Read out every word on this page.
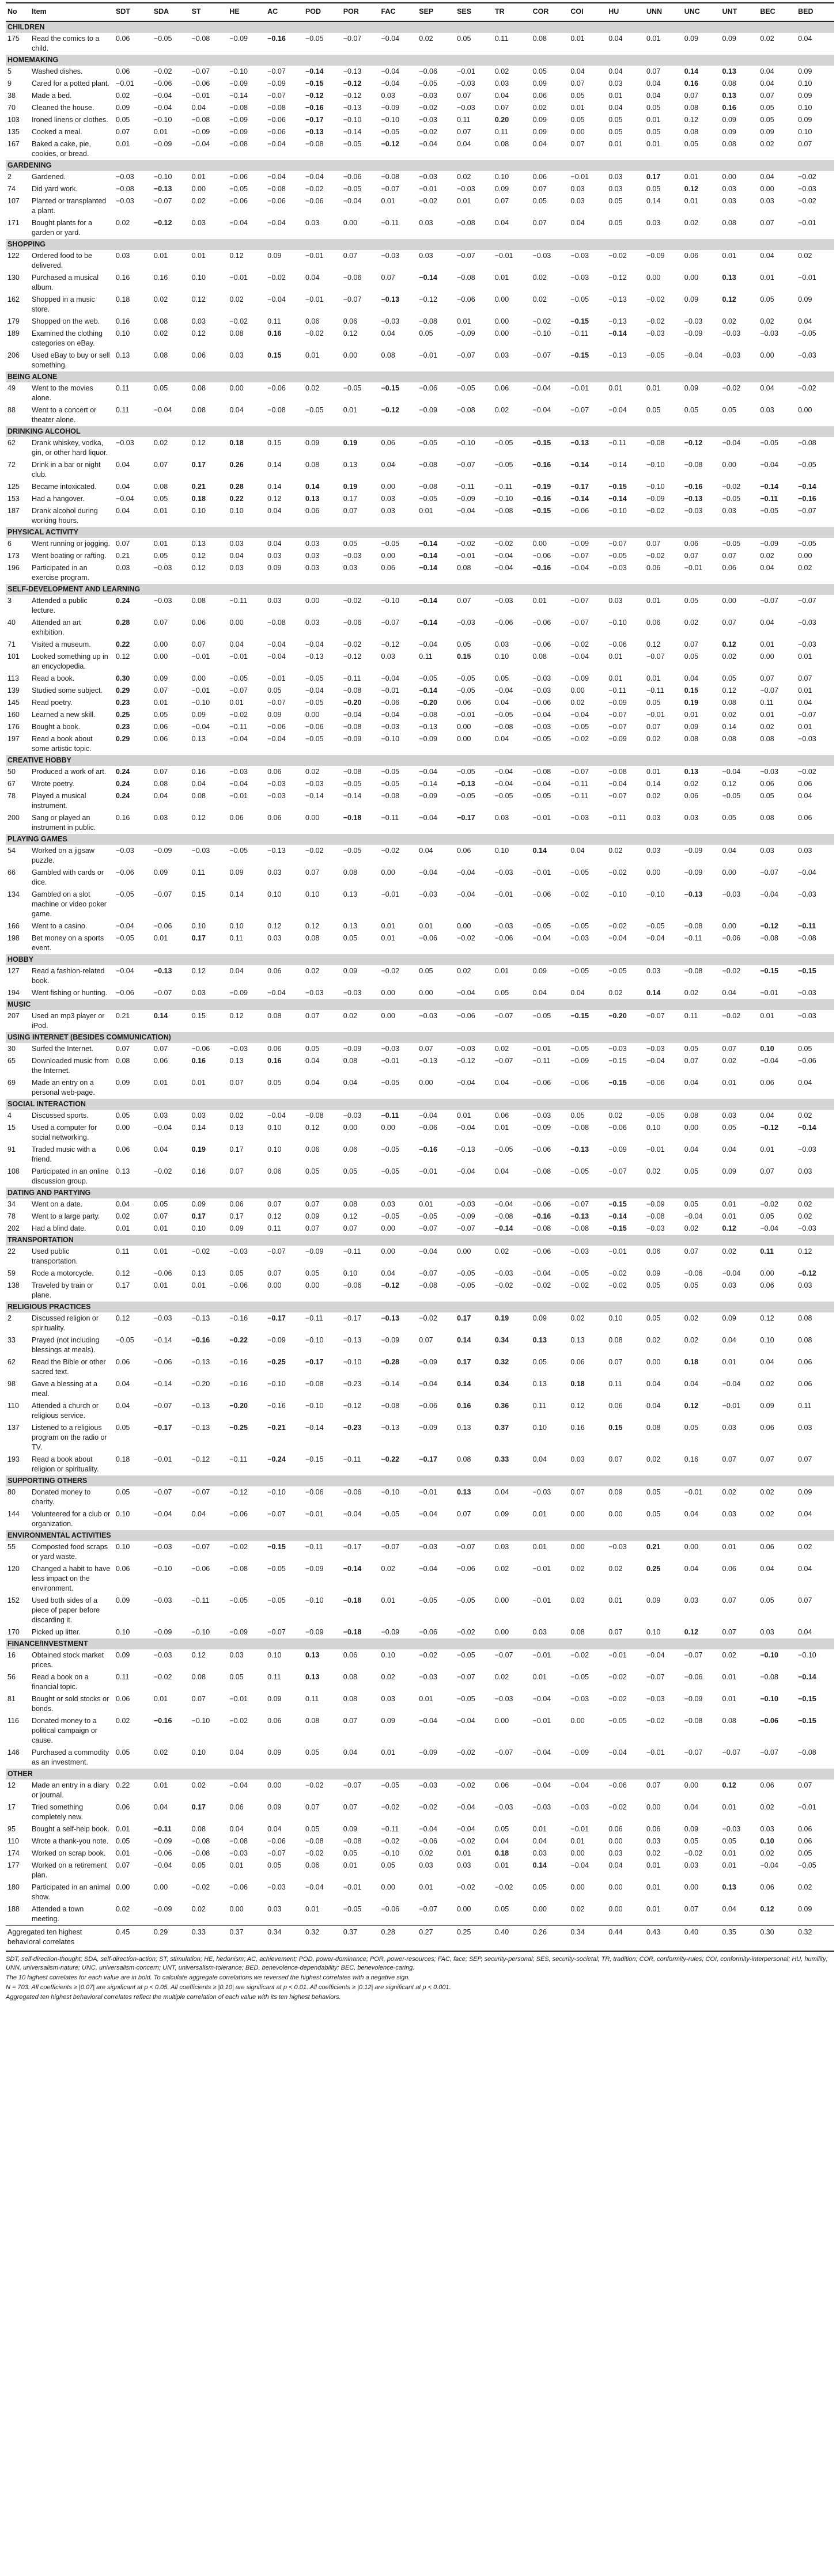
No	Item	SDT	SDA	ST	HE	AC	POD	POR	FAC	SEP	SES	TR	COR	COI	HU	UNN	UNC	UNT	BEC	BED
CHILDREN																				
175	Read the comics to a child.	0.06	−0.05	−0.08	−0.09	−0.16	−0.05	−0.07	−0.04	0.02	0.05	0.11	0.08	0.01	0.04	0.01	0.09	0.09	0.02	0.04
HOMEMAKING																				
5	Washed dishes.	0.06	−0.02	−0.07	−0.10	−0.07	−0.14	−0.13	−0.04	−0.06	−0.01	0.02	0.05	0.04	0.04	0.07	0.14	0.13	0.04	0.09
9	Cared for a potted plant.	−0.01	−0.06	−0.06	−0.09	−0.09	−0.15	−0.12	−0.04	−0.05	−0.03	0.03	0.09	0.07	0.03	0.04	0.16	0.08	0.04	0.10
38	Made a bed.	0.02	−0.04	−0.01	−0.14	−0.07	−0.12	−0.12	0.03	−0.03	0.07	0.04	0.06	0.05	0.01	0.04	0.07	0.13	0.07	0.09
70	Cleaned the house.	0.09	−0.04	0.04	−0.08	−0.08	−0.16	−0.13	−0.09	−0.02	−0.03	0.07	0.02	0.01	0.04	0.05	0.08	0.16	0.05	0.10
103	Ironed linens or clothes.	0.05	−0.10	−0.08	−0.09	−0.06	−0.17	−0.10	−0.10	−0.03	0.11	0.20	0.09	0.05	0.05	0.01	0.12	0.09	0.05	0.09
135	Cooked a meal.	0.07	0.01	−0.09	−0.09	−0.06	−0.13	−0.14	−0.05	−0.02	0.07	0.11	0.09	0.00	0.05	0.05	0.08	0.09	0.09	0.10
167	Baked a cake, pie, cookies, or bread.	0.01	−0.09	−0.04	−0.08	−0.04	−0.08	−0.05	−0.12	−0.04	0.04	0.08	0.04	0.07	0.01	0.01	0.05	0.08	0.02	0.07
GARDENING																				
2	Gardened.	−0.03	−0.10	0.01	−0.06	−0.04	−0.04	−0.06	−0.08	−0.03	0.02	0.10	0.06	−0.01	0.03	0.17	0.01	0.00	0.04	−0.02
74	Did yard work.	−0.08	−0.13	0.00	−0.05	−0.08	−0.02	−0.05	−0.07	−0.01	−0.03	0.09	0.07	0.03	0.03	0.05	0.12	0.03	0.00	−0.03
107	Planted or transplanted a plant.	−0.03	−0.07	0.02	−0.06	−0.06	−0.06	−0.04	0.01	−0.02	0.01	0.07	0.05	0.03	0.05	0.14	0.01	0.03	0.03	−0.02
171	Bought plants for a garden or yard.	0.02	−0.12	0.03	−0.04	−0.04	0.03	0.00	−0.11	0.03	−0.08	0.04	0.07	0.04	0.05	0.03	0.02	0.08	0.07	−0.01
SHOPPING																				
122	Ordered food to be delivered.	0.03	0.01	0.01	0.12	0.09	−0.01	0.07	−0.03	0.03	−0.07	−0.01	−0.03	−0.03	−0.02	−0.09	0.06	0.01	0.04	0.02
130	Purchased a musical album.	0.16	0.16	0.10	−0.01	−0.02	0.04	−0.06	0.07	−0.14	−0.08	0.01	0.02	−0.03	−0.12	0.00	0.00	0.13	0.01	−0.01
162	Shopped in a music store.	0.18	0.02	0.12	0.02	−0.04	−0.01	−0.07	−0.13	−0.12	−0.06	0.00	0.02	−0.05	−0.13	−0.02	0.09	0.12	0.05	0.09
179	Shopped on the web.	0.16	0.08	0.03	−0.02	0.11	0.06	0.06	−0.03	−0.08	0.01	0.00	−0.02	−0.15	−0.13	−0.02	−0.03	0.02	0.02	0.04
189	Examined the clothing categories on eBay.	0.10	0.02	0.12	0.08	0.16	−0.02	0.12	0.04	0.05	−0.09	0.00	−0.10	−0.11	−0.14	−0.03	−0.09	−0.03	−0.03	−0.05
206	Used eBay to buy or sell something.	0.13	0.08	0.06	0.03	0.15	0.01	0.00	0.08	−0.01	−0.07	0.03	−0.07	−0.15	−0.13	−0.05	−0.04	−0.03	0.00	−0.03
BEING ALONE																				
49	Went to the movies alone.	0.11	0.05	0.08	0.00	−0.06	0.02	−0.05	−0.15	−0.06	−0.05	0.06	−0.04	−0.01	0.01	0.01	0.09	−0.02	0.04	−0.02
88	Went to a concert or theater alone.	0.11	−0.04	0.08	0.04	−0.08	−0.05	0.01	−0.12	−0.09	−0.08	0.02	−0.04	−0.07	−0.04	0.05	0.05	0.05	0.03	0.00
DRINKING ALCOHOL																				
62	Drank whiskey, vodka, gin, or other hard liquor.	−0.03	0.02	0.12	0.18	0.15	0.09	0.19	0.06	−0.05	−0.10	−0.05	−0.15	−0.13	−0.11	−0.08	−0.12	−0.04	−0.05	−0.08
72	Drink in a bar or night club.	0.04	0.07	0.17	0.26	0.14	0.08	0.13	0.04	−0.08	−0.07	−0.05	−0.16	−0.14	−0.14	−0.10	−0.08	0.00	−0.04	−0.05
125	Became intoxicated.	0.04	0.08	0.21	0.28	0.14	0.14	0.19	0.00	−0.08	−0.11	−0.11	−0.19	−0.17	−0.15	−0.10	−0.16	−0.02	−0.14	−0.14
153	Had a hangover.	−0.04	0.05	0.18	0.22	0.12	0.13	0.17	0.03	−0.05	−0.09	−0.10	−0.16	−0.14	−0.14	−0.09	−0.13	−0.05	−0.11	−0.16
187	Drank alcohol during working hours.	0.04	0.01	0.10	0.10	0.04	0.06	0.07	0.03	0.01	−0.04	−0.08	−0.15	−0.06	−0.10	−0.02	−0.03	0.03	−0.05	−0.07
PHYSICAL ACTIVITY																				
6	Went running or jogging.	0.07	0.01	0.13	0.03	0.04	0.03	0.05	−0.05	−0.14	−0.02	−0.02	0.00	−0.09	−0.07	0.07	0.06	−0.05	−0.09	−0.05
173	Went boating or rafting.	0.21	0.05	0.12	0.04	0.03	0.03	−0.03	0.00	−0.14	−0.01	−0.04	−0.06	−0.07	−0.05	−0.02	0.07	0.07	0.02	0.00
196	Participated in an exercise program.	0.03	−0.03	0.12	0.03	0.09	0.03	0.03	0.06	−0.14	0.08	−0.04	−0.16	−0.04	−0.03	0.06	−0.01	0.06	0.04	0.02
SELF-DEVELOPMENT AND LEARNING																				
3	Attended a public lecture.	0.24	−0.03	0.08	−0.11	0.03	0.00	−0.02	−0.10	−0.14	0.07	−0.03	0.01	−0.07	0.03	0.01	0.05	0.00	−0.07	−0.07
40	Attended an art exhibition.	0.28	0.07	0.06	0.00	−0.08	0.03	−0.06	−0.07	−0.14	−0.03	−0.06	−0.06	−0.07	−0.10	0.06	0.02	0.07	0.04	−0.03
71	Visited a museum.	0.22	0.00	0.07	0.04	−0.04	−0.04	−0.02	−0.12	−0.04	0.05	0.03	−0.06	−0.02	−0.06	0.12	0.07	0.12	0.01	−0.03
101	Looked something up in an encyclopedia.	0.12	0.00	−0.01	−0.01	−0.04	−0.13	−0.12	0.03	0.11	0.15	0.10	0.08	−0.04	0.01	−0.07	0.05	0.02	0.00	0.01
113	Read a book.	0.30	0.09	0.00	−0.05	−0.01	−0.05	−0.11	−0.04	−0.05	−0.05	0.05	−0.03	−0.09	0.01	0.01	0.04	0.05	0.07	0.07
139	Studied some subject.	0.29	0.07	−0.01	−0.07	0.05	−0.04	−0.08	−0.01	−0.14	−0.05	−0.04	−0.03	0.00	−0.11	−0.11	0.15	0.12	−0.07	0.01
145	Read poetry.	0.23	0.01	−0.10	0.01	−0.07	−0.05	−0.20	−0.06	−0.20	0.06	0.04	−0.06	0.02	−0.09	0.05	0.19	0.08	0.11	0.04
160	Learned a new skill.	0.25	0.05	0.09	−0.02	0.09	0.00	−0.04	−0.04	−0.08	−0.01	−0.05	−0.04	−0.04	−0.07	−0.01	0.01	0.02	0.01	−0.07
176	Bought a book.	0.23	0.06	−0.04	−0.11	−0.06	−0.06	−0.08	−0.03	−0.13	0.00	−0.08	−0.03	−0.05	−0.07	0.07	0.09	0.14	0.02	0.01
197	Read a book about some artistic topic.	0.29	0.06	0.13	−0.04	−0.04	−0.05	−0.09	−0.10	−0.09	0.00	0.04	−0.05	−0.02	−0.09	0.02	0.08	0.08	0.08	−0.03
CREATIVE HOBBY																				
50	Produced a work of art.	0.24	0.07	0.16	−0.03	0.06	0.02	−0.08	−0.05	−0.04	−0.05	−0.04	−0.08	−0.07	−0.08	0.01	0.13	−0.04	−0.03	−0.02
67	Wrote poetry.	0.24	0.08	0.04	−0.04	−0.03	−0.03	−0.05	−0.05	−0.14	−0.13	−0.04	−0.04	−0.11	−0.04	0.14	0.02	0.12	0.06	0.06
78	Played a musical instrument.	0.24	0.04	0.08	−0.01	−0.03	−0.14	−0.14	−0.08	−0.09	−0.05	−0.05	−0.05	−0.11	−0.07	0.02	0.06	−0.05	0.05	0.04
200	Sang or played an instrument in public.	0.16	0.03	0.12	0.06	0.06	0.00	−0.18	−0.11	−0.04	−0.17	0.03	−0.01	−0.03	−0.11	0.03	0.03	0.05	0.08	0.06
PLAYING GAMES																				
54	Worked on a jigsaw puzzle.	−0.03	−0.09	−0.03	−0.05	−0.13	−0.02	−0.05	−0.02	0.04	0.06	0.10	0.14	0.04	0.02	0.03	−0.09	0.04	0.03	0.03
66	Gambled with cards or dice.	−0.06	0.09	0.11	0.09	0.03	0.07	0.08	0.00	−0.04	−0.04	−0.03	−0.01	−0.05	−0.02	0.00	−0.09	0.00	−0.07	−0.04
134	Gambled on a slot machine or video poker game.	−0.05	−0.07	0.15	0.14	0.10	0.10	0.13	−0.01	−0.03	−0.04	−0.01	−0.06	−0.02	−0.10	−0.10	−0.13	−0.03	−0.04	−0.03
166	Went to a casino.	−0.04	−0.06	0.10	0.10	0.12	0.12	0.13	0.01	0.01	0.00	−0.03	−0.05	−0.05	−0.02	−0.05	−0.08	0.00	−0.12	−0.11
198	Bet money on a sports event.	−0.05	0.01	0.17	0.11	0.03	0.08	0.05	0.01	−0.06	−0.02	−0.06	−0.04	−0.03	−0.04	−0.04	−0.11	−0.06	−0.08	−0.08
HOBBY																				
127	Read a fashion-related book.	−0.04	−0.13	0.12	0.04	0.06	0.02	0.09	−0.02	0.05	0.02	0.01	0.09	−0.05	−0.05	0.03	−0.08	−0.02	−0.15	−0.15
194	Went fishing or hunting.	−0.06	−0.07	0.03	−0.09	−0.04	−0.03	−0.03	0.00	0.00	−0.04	0.05	0.04	0.04	0.02	0.14	0.02	0.04	−0.01	−0.03
MUSIC																				
207	Used an mp3 player or iPod.	0.21	0.14	0.15	0.12	0.08	0.07	0.02	0.00	−0.03	−0.06	−0.07	−0.05	−0.15	−0.20	−0.07	0.11	−0.02	0.01	−0.03
USING INTERNET (BESIDES COMMUNICATION)																				
30	Surfed the Internet.	0.07	0.07	−0.06	−0.03	0.06	0.05	−0.09	−0.03	0.07	−0.03	0.02	−0.01	−0.05	−0.03	−0.03	0.05	0.07	0.10	0.05
65	Downloaded music from the Internet.	0.08	0.06	0.16	0.13	0.16	0.04	0.08	−0.01	−0.13	−0.12	−0.07	−0.11	−0.09	−0.15	−0.04	0.07	0.02	−0.04	−0.06
69	Made an entry on a personal web-page.	0.09	0.01	0.01	0.07	0.05	0.04	0.04	−0.05	0.00	−0.04	0.04	−0.06	−0.06	−0.15	−0.06	0.04	0.01	0.06	0.04
SOCIAL INTERACTION																				
4	Discussed sports.	0.05	0.03	0.03	0.02	−0.04	−0.08	−0.03	−0.11	−0.04	0.01	0.06	−0.03	0.05	0.02	−0.05	0.08	0.03	0.04	0.02
15	Used a computer for social networking.	0.00	−0.04	0.14	0.13	0.10	0.12	0.00	0.00	−0.06	−0.04	0.01	−0.09	−0.08	−0.06	0.10	0.00	0.05	−0.12	−0.14
91	Traded music with a friend.	0.06	0.04	0.19	0.17	0.10	0.06	0.06	−0.05	−0.16	−0.13	−0.05	−0.06	−0.13	−0.09	−0.01	0.04	0.04	0.01	−0.03
108	Participated in an online discussion group.	0.13	−0.02	0.16	0.07	0.06	0.05	0.05	−0.05	−0.01	−0.04	0.04	−0.08	−0.05	−0.07	0.02	0.05	0.09	0.07	0.03
DATING AND PARTYING																				
34	Went on a date.	0.04	0.05	0.09	0.06	0.07	0.07	0.08	0.03	0.01	−0.03	−0.04	−0.06	−0.07	−0.15	−0.09	0.05	0.01	−0.02	0.02
78	Went to a large party.	0.02	0.07	0.17	0.17	0.12	0.09	0.12	−0.05	−0.05	−0.09	−0.08	−0.16	−0.13	−0.14	−0.08	−0.04	0.01	0.05	0.02
202	Had a blind date.	0.01	0.01	0.10	0.09	0.11	0.07	0.07	0.00	−0.07	−0.07	−0.14	−0.08	−0.08	−0.15	−0.03	0.02	0.12	−0.04	−0.03
TRANSPORTATION																				
22	Used public transportation.	0.11	0.01	−0.02	−0.03	−0.07	−0.09	−0.11	0.00	−0.04	0.00	0.02	−0.06	−0.03	−0.01	0.06	0.07	0.02	0.11	0.12
59	Rode a motorcycle.	0.12	−0.06	0.13	0.05	0.07	0.05	0.10	0.04	−0.07	−0.05	−0.03	−0.04	−0.05	−0.02	0.09	−0.06	−0.04	0.00	−0.12
138	Traveled by train or plane.	0.17	0.01	0.01	−0.06	0.00	0.00	−0.06	−0.12	−0.08	−0.05	−0.02	−0.02	−0.02	−0.02	0.05	0.05	0.03	0.06	0.03
RELIGIOUS PRACTICES																				
2	Discussed religion or spirituality.	0.12	−0.03	−0.13	−0.16	−0.17	−0.11	−0.17	−0.13	−0.02	0.17	0.19	0.09	0.02	0.10	0.05	0.02	0.09	0.12	0.08
33	Prayed (not including blessings at meals).	−0.05	−0.14	−0.16	−0.22	−0.09	−0.10	−0.13	−0.09	0.07	0.14	0.34	0.13	0.13	0.08	0.02	0.02	0.04	0.10	0.08
62	Read the Bible or other sacred text.	0.06	−0.06	−0.13	−0.16	−0.25	−0.17	−0.10	−0.28	−0.09	0.17	0.32	0.05	0.06	0.07	0.00	0.18	0.01	0.04	0.06
98	Gave a blessing at a meal.	0.04	−0.14	−0.20	−0.16	−0.10	−0.08	−0.23	−0.14	−0.04	0.14	0.34	0.13	0.18	0.11	0.04	0.04	−0.04	0.02	0.06
110	Attended a church or religious service.	0.04	−0.07	−0.13	−0.20	−0.16	−0.10	−0.12	−0.08	−0.06	0.16	0.36	0.11	0.12	0.06	0.04	0.12	−0.01	0.09	0.11
137	Listened to a religious program on the radio or TV.	0.05	−0.17	−0.13	−0.25	−0.21	−0.14	−0.23	−0.13	−0.09	0.13	0.37	0.10	0.16	0.15	0.08	0.05	0.03	0.06	0.03
193	Read a book about religion or spirituality.	0.18	−0.01	−0.12	−0.11	−0.24	−0.15	−0.11	−0.22	−0.17	0.08	0.33	0.04	0.03	0.07	0.02	0.16	0.07	0.07	0.07
SUPPORTING OTHERS																				
80	Donated money to charity.	0.05	−0.07	−0.07	−0.12	−0.10	−0.06	−0.06	−0.10	−0.01	0.13	0.04	−0.03	0.07	0.09	0.05	−0.01	0.02	0.02	0.09
144	Volunteered for a club or organization.	0.10	−0.04	0.04	−0.06	−0.07	−0.01	−0.04	−0.05	−0.04	0.07	0.09	0.01	0.00	0.00	0.05	0.04	0.03	0.02	0.04
ENVIRONMENTAL ACTIVITIES																				
55	Composted food scraps or yard waste.	0.10	−0.03	−0.07	−0.02	−0.15	−0.11	−0.17	−0.07	−0.03	−0.07	0.03	0.01	0.00	−0.03	0.21	0.00	0.01	0.06	0.02
120	Changed a habit to have less impact on the environment.	0.06	−0.10	−0.06	−0.08	−0.05	−0.09	−0.14	0.02	−0.04	−0.06	0.02	−0.01	0.02	0.02	0.25	0.04	0.06	0.04	0.04
152	Used both sides of a piece of paper before discarding it.	0.09	−0.03	−0.11	−0.05	−0.05	−0.10	−0.18	0.01	−0.05	−0.05	0.00	−0.01	0.03	0.01	0.09	0.03	0.07	0.05	0.07
170	Picked up litter.	0.10	−0.09	−0.10	−0.09	−0.07	−0.09	−0.18	−0.09	−0.06	−0.02	0.00	0.03	0.08	0.07	0.10	0.12	0.07	0.03	0.04
FINANCE/INVESTMENT																				
16	Obtained stock market prices.	0.09	−0.03	0.12	0.03	0.10	0.13	0.06	0.10	−0.02	−0.05	−0.07	−0.01	−0.02	−0.01	−0.04	−0.07	0.02	−0.10	−0.10
56	Read a book on a financial topic.	0.11	−0.02	0.08	0.05	0.11	0.13	0.08	0.02	−0.03	−0.07	0.02	0.01	−0.05	−0.02	−0.07	−0.06	0.01	−0.08	−0.14
81	Bought or sold stocks or bonds.	0.06	0.01	0.07	−0.01	0.09	0.11	0.08	0.03	0.01	−0.05	−0.03	−0.04	−0.03	−0.02	−0.03	−0.09	0.01	−0.10	−0.15
116	Donated money to a political campaign or cause.	0.02	−0.16	−0.10	−0.02	0.06	0.08	0.07	0.09	−0.04	−0.04	0.00	−0.01	0.00	−0.05	−0.02	−0.08	0.08	−0.06	−0.15
146	Purchased a commodity as an investment.	0.05	0.02	0.10	0.04	0.09	0.05	0.04	0.01	−0.09	−0.02	−0.07	−0.04	−0.09	−0.04	−0.01	−0.07	−0.07	−0.07	−0.08
OTHER																				
12	Made an entry in a diary or journal.	0.22	0.01	0.02	−0.04	0.00	−0.02	−0.07	−0.05	−0.03	−0.02	0.06	−0.04	−0.04	−0.06	0.07	0.00	0.12	0.06	0.07
17	Tried something completely new.	0.06	0.04	0.17	0.06	0.09	0.07	0.07	−0.02	−0.02	−0.04	−0.03	−0.03	−0.03	−0.02	0.00	0.04	0.01	0.02	−0.01
95	Bought a self-help book.	0.01	−0.11	0.08	0.04	0.04	0.05	0.09	−0.11	−0.04	−0.04	0.05	0.01	−0.01	0.06	0.06	0.09	−0.03	0.03	0.06
110	Wrote a thank-you note.	0.05	−0.09	−0.08	−0.08	−0.06	−0.08	−0.08	−0.02	−0.06	−0.02	0.04	0.04	0.01	0.00	0.03	0.05	0.05	0.10	0.06
174	Worked on scrap book.	0.01	−0.06	−0.08	−0.03	−0.07	−0.02	0.05	−0.10	0.02	0.01	0.18	0.03	0.00	0.03	0.02	−0.02	0.01	0.02	0.05
177	Worked on a retirement plan.	0.07	−0.04	0.05	0.01	0.05	0.06	0.01	0.05	0.03	0.03	0.01	0.14	−0.04	0.04	0.01	0.03	0.01	−0.04	−0.05
180	Participated in an animal show.	0.00	0.00	−0.02	−0.06	−0.03	−0.04	−0.01	0.00	0.01	−0.02	−0.02	0.05	0.00	0.00	0.01	0.00	0.13	0.06	0.02
188	Attended a town meeting.	0.02	−0.09	0.02	0.00	0.03	0.01	−0.05	−0.06	−0.07	0.00	0.05	0.00	0.02	0.00	0.01	0.07	0.04	0.12	0.09
Aggregated ten highest behavioral correlates		0.45	0.29	0.33	0.37	0.34	0.32	0.37	0.28	0.27	0.25	0.40	0.26	0.34	0.44	0.43	0.40	0.35	0.30	0.32

SDT, self-direction-thought; SDA, self-direction-action; ST, stimulation; HE, hedonism; AC, achievement; POD, power-dominance; POR, power-resources; FAC, face; SEP, security-personal; SES, security-societal; TR, tradition; COR, conformity-rules; COI, conformity-interpersonal; HU, humility; UNN, universalism-nature; UNC, universalism-concern; UNT, universalism-tolerance; BED, benevolence-dependability; BEC, benevolence-caring.

The 10 highest correlates for each value are in bold. To calculate aggregate correlations we reversed the highest correlates with a negative sign.

N = 703. All coefficients ≥ |0.07| are significant at p < 0.05. All coefficients ≥ |0.10| are significant at p < 0.01. All coefficients ≥ |0.12| are significant at p < 0.001.

Aggregated ten highest behavioral correlates reflect the multiple correlation of each value with its ten highest behaviors.
